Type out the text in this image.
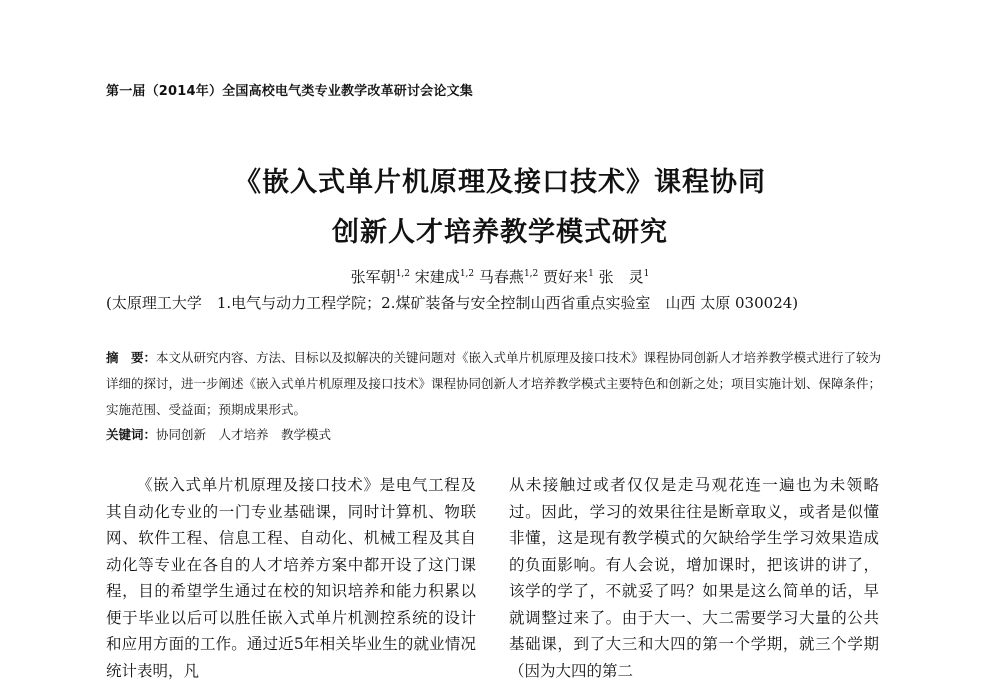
第一届（2014年）全国高校电气类专业教学改革研讨会论文集
《嵌入式单片机原理及接口技术》课程协同
创新人才培养教学模式研究
张军朝$^{1,2}$ 宋建成$^{1,2}$ 马春燕$^{1,2}$ 贾好来$^1$ 张　灵$^1$
(太原理工大学　1.电气与动力工程学院；2.煤矿装备与安全控制山西省重点实验室　山西 太原 030024)
摘　要：本文从研究内容、方法、目标以及拟解决的关键问题对《嵌入式单片机原理及接口技术》课程协同创新人才培养教学模式进行了较为详细的探讨，进一步阐述《嵌入式单片机原理及接口技术》课程协同创新人才培养教学模式主要特色和创新之处；项目实施计划、保障条件；实施范围、受益面；预期成果形式。
关键词：协同创新　人才培养　教学模式
《嵌入式单片机原理及接口技术》是电气工程及其自动化专业的一门专业基础课，同时计算机、物联网、软件工程、信息工程、自动化、机械工程及其自动化等专业在各自的人才培养方案中都开设了这门课程，目的希望学生通过在校的知识培养和能力积累以便于毕业以后可以胜任嵌入式单片机测控系统的设计和应用方面的工作。通过近5年相关毕业生的就业情况统计表明，凡
从未接触过或者仅仅是走马观花连一遍也为未领略过。因此，学习的效果往往是断章取义，或者是似懂非懂，这是现有教学模式的欠缺给学生学习效果造成的负面影响。有人会说，增加课时，把该讲的讲了，该学的学了，不就妥了吗？如果是这么简单的话，早就调整过来了。由于大一、大二需要学习大量的公共基础课，到了大三和大四的第一个学期，就三个学期（因为大四的第二
